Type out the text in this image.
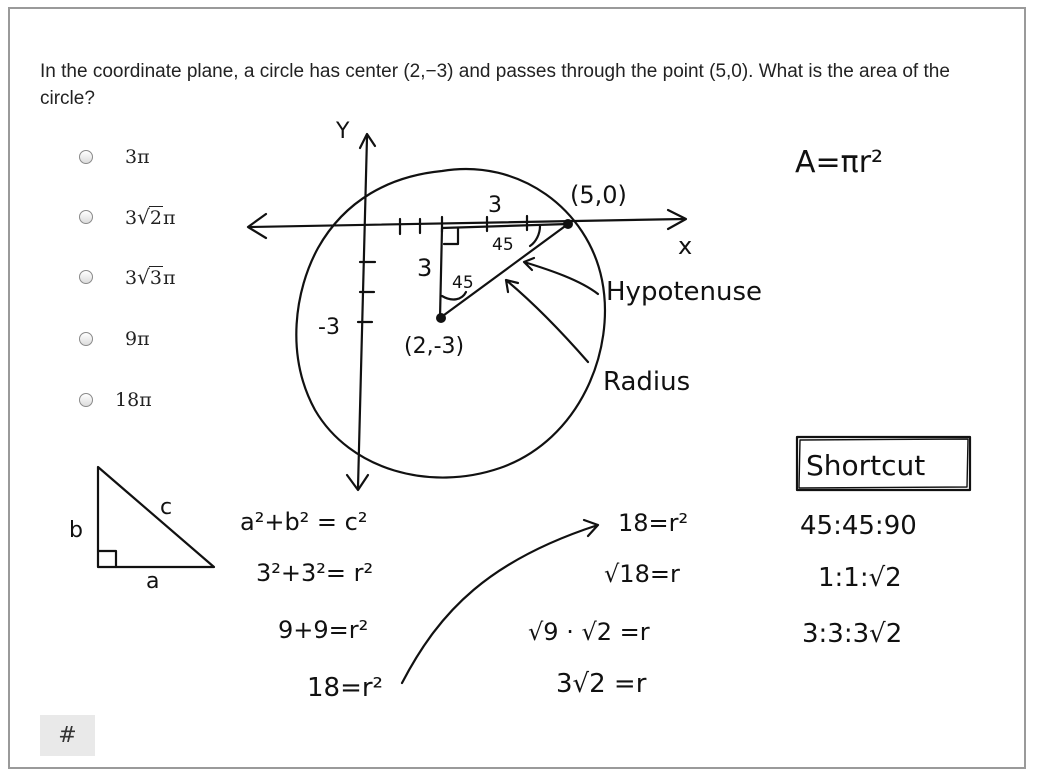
In the coordinate plane, a circle has center (2,−3) and passes through the point (5,0). What is the area of the circle?
3π
3√2π
3√3π
9π
18π
Y
x
-3
3
3
45
45
(5,0)
(2,-3)
Hypotenuse
Radius
A=πr²
c
b
a
a²+b² = c²
3²+3²= r²
9+9=r²
18=r²
18=r²
√18=r
√9 · √2 =r
3√2 =r
Shortcut
45:45:90
1:1:√2
3:3:3√2
#
